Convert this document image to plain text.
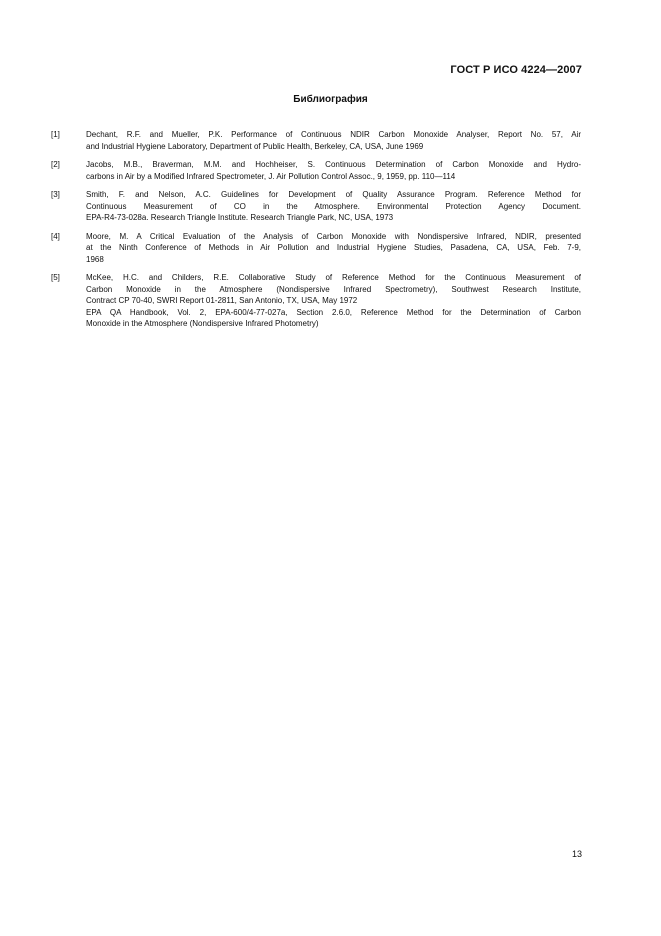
ГОСТ Р ИСО 4224—2007
Библиография
[1]	Dechant, R.F. and Mueller, P.K. Performance of Continuous NDIR Carbon Monoxide Analyser, Report No. 57, Air
and Industrial Hygiene Laboratory, Department of Public Health, Berkeley, CA, USA, June 1969
[2]	Jacobs, M.B., Braverman, M.M. and Hochheiser, S. Continuous Determination of Carbon Monoxide and Hydro-
carbons in Air by a Modified Infrared Spectrometer, J. Air Pollution Control Assoc., 9, 1959, pp. 110—114
[3]	Smith, F. and Nelson, A.C. Guidelines for Development of Quality Assurance Program. Reference Method for
Continuous Measurement of CO in the Atmosphere. Environmental Protection Agency Document.
EPA-R4-73-028a. Research Triangle Institute. Research Triangle Park, NC, USA, 1973
[4]	Moore, M. A Critical Evaluation of the Analysis of Carbon Monoxide with Nondispersive Infrared, NDIR, presented
at the Ninth Conference of Methods in Air Pollution and Industrial Hygiene Studies, Pasadena, CA, USA, Feb. 7-9,
1968
[5]	McKee, H.C. and Childers, R.E. Collaborative Study of Reference Method for the Continuous Measurement of
Carbon Monoxide in the Atmosphere (Nondispersive Infrared Spectrometry), Southwest Research Institute,
Contract CP 70-40, SWRI Report 01-2811, San Antonio, TX, USA, May 1972
EPA QA Handbook, Vol. 2, EPA-600/4-77-027a, Section 2.6.0, Reference Method for the Determination of Carbon
Monoxide in the Atmosphere (Nondispersive Infrared Photometry)
13
